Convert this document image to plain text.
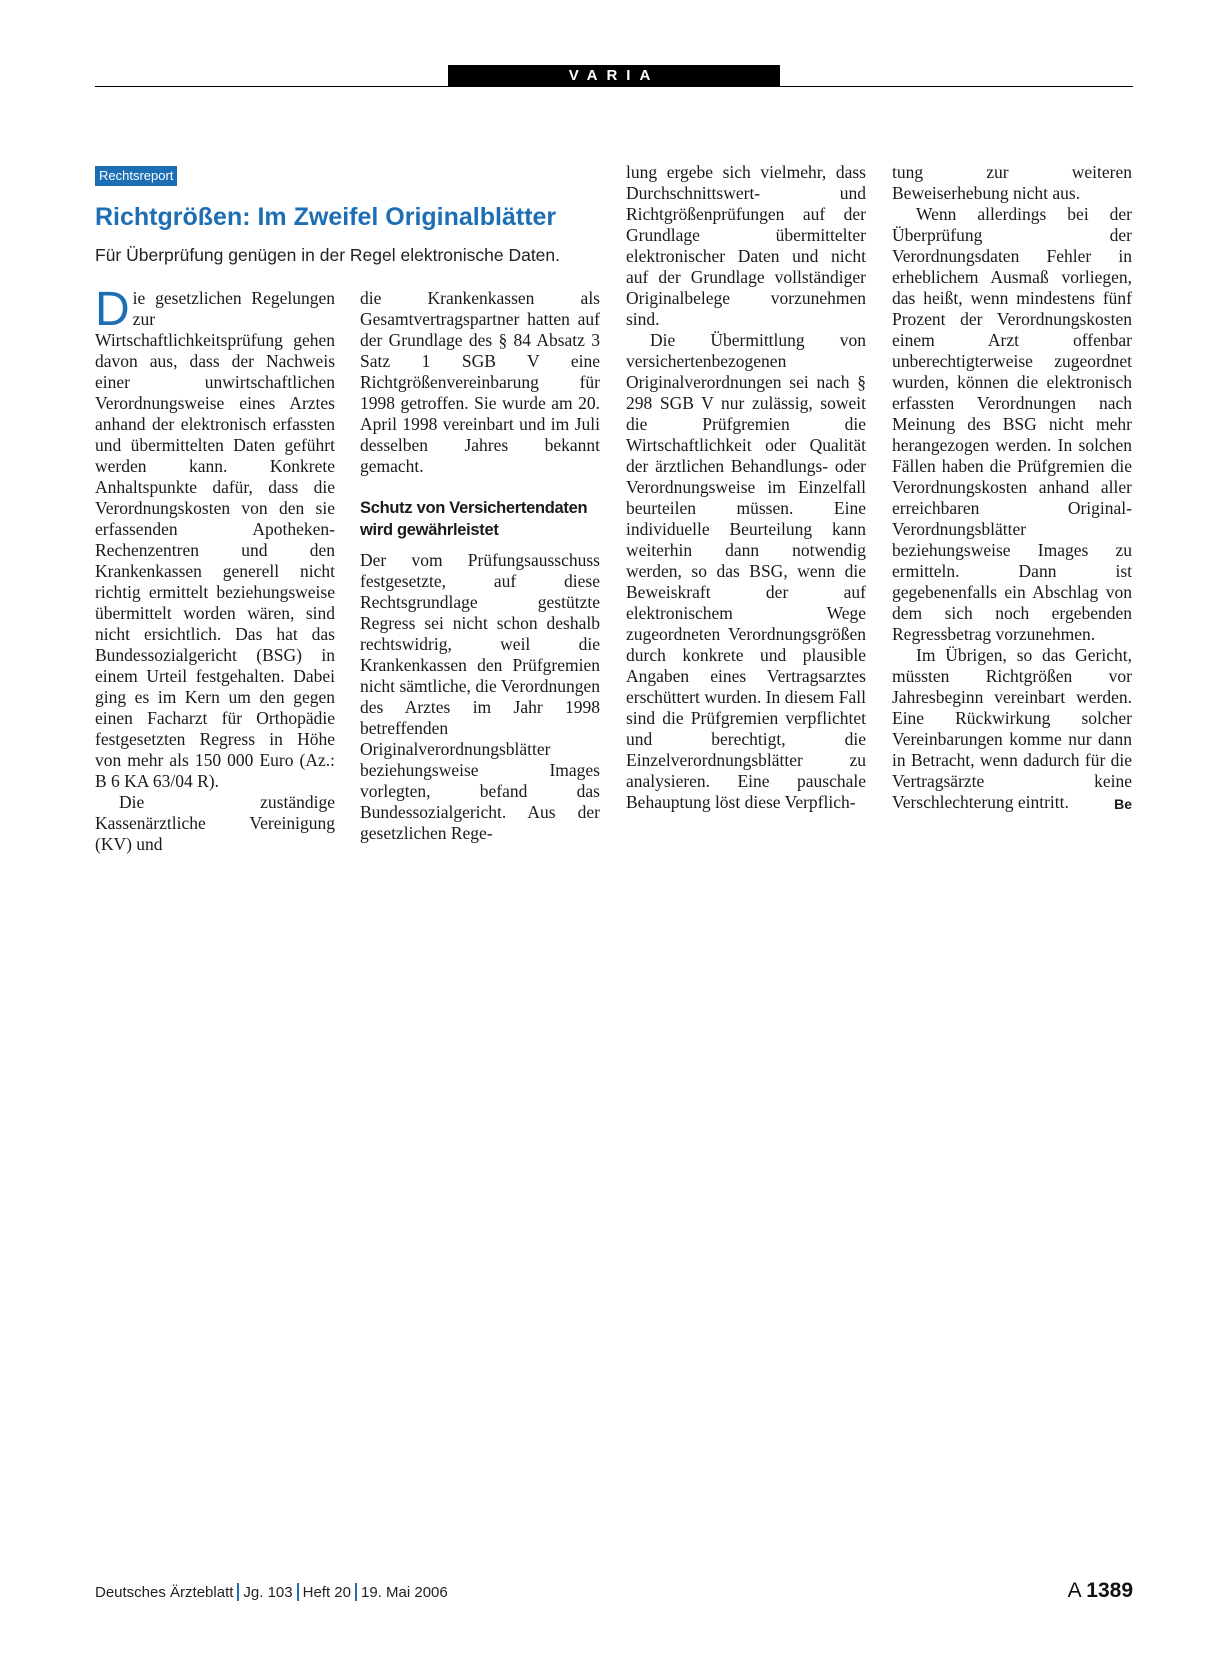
VARIA
Rechtsreport
Richtgrößen: Im Zweifel Originalblätter

Für Überprüfung genügen in der Regel elektronische Daten.

Die gesetzlichen Regelungen zur Wirtschaftlichkeitsprüfung gehen davon aus, dass der Nachweis einer unwirtschaftlichen Verordnungsweise eines Arztes anhand der elektronisch erfassten und übermittelten Daten geführt werden kann. Konkrete Anhaltspunkte dafür, dass die Verordnungskosten von den sie erfassenden Apotheken-Rechenzentren und den Krankenkassen generell nicht richtig ermittelt beziehungsweise übermittelt worden wären, sind nicht ersichtlich. Das hat das Bundessozialgericht (BSG) in einem Urteil festgehalten. Dabei ging es im Kern um den gegen einen Facharzt für Orthopädie festgesetzten Regress in Höhe von mehr als 150 000 Euro (Az.: B 6 KA 63/04 R).

Die zuständige Kassenärztliche Vereinigung (KV) und

die Krankenkassen als Gesamtvertragspartner hatten auf der Grundlage des § 84 Absatz 3 Satz 1 SGB V eine Richtgrößenvereinbarung für 1998 getroffen. Sie wurde am 20. April 1998 vereinbart und im Juli desselben Jahres bekannt gemacht.

Schutz von Versichertendaten wird gewährleistet

Der vom Prüfungsausschuss festgesetzte, auf diese Rechtsgrundlage gestützte Regress sei nicht schon deshalb rechtswidrig, weil die Krankenkassen den Prüfgremien nicht sämtliche, die Verordnungen des Arztes im Jahr 1998 betreffenden Originalverordnungsblätter beziehungsweise Images vorlegten, befand das Bundessozialgericht. Aus der gesetzlichen Rege-

lung ergebe sich vielmehr, dass Durchschnittswert- und Richtgrößenprüfungen auf der Grundlage übermittelter elektronischer Daten und nicht auf der Grundlage vollständiger Originalbelege vorzunehmen sind.

Die Übermittlung von versichertenbezogenen Originalverordnungen sei nach § 298 SGB V nur zulässig, soweit die Prüfgremien die Wirtschaftlichkeit oder Qualität der ärztlichen Behandlungs- oder Verordnungsweise im Einzelfall beurteilen müssen. Eine individuelle Beurteilung kann weiterhin dann notwendig werden, so das BSG, wenn die Beweiskraft der auf elektronischem Wege zugeordneten Verordnungsgrößen durch konkrete und plausible Angaben eines Vertragsarztes erschüttert wurden. In diesem Fall sind die Prüfgremien verpflichtet und berechtigt, die Einzelverordnungsblätter zu analysieren. Eine pauschale Behauptung löst diese Verpflich-

tung zur weiteren Beweiserhebung nicht aus.

Wenn allerdings bei der Überprüfung der Verordnungsdaten Fehler in erheblichem Ausmaß vorliegen, das heißt, wenn mindestens fünf Prozent der Verordnungskosten einem Arzt offenbar unberechtigterweise zugeordnet wurden, können die elektronisch erfassten Verordnungen nach Meinung des BSG nicht mehr herangezogen werden. In solchen Fällen haben die Prüfgremien die Verordnungskosten anhand aller erreichbaren Original-Verordnungsblätter beziehungsweise Images zu ermitteln. Dann ist gegebenenfalls ein Abschlag von dem sich noch ergebenden Regressbetrag vorzunehmen.

Im Übrigen, so das Gericht, müssten Richtgrößen vor Jahresbeginn vereinbart werden. Eine Rückwirkung solcher Vereinbarungen komme nur dann in Betracht, wenn dadurch für die Vertragsärzte keine Verschlechterung eintritt.	Be

Deutsches Ärzteblatt Jg. 103 Heft 20 19. Mai 2006	A 1389
